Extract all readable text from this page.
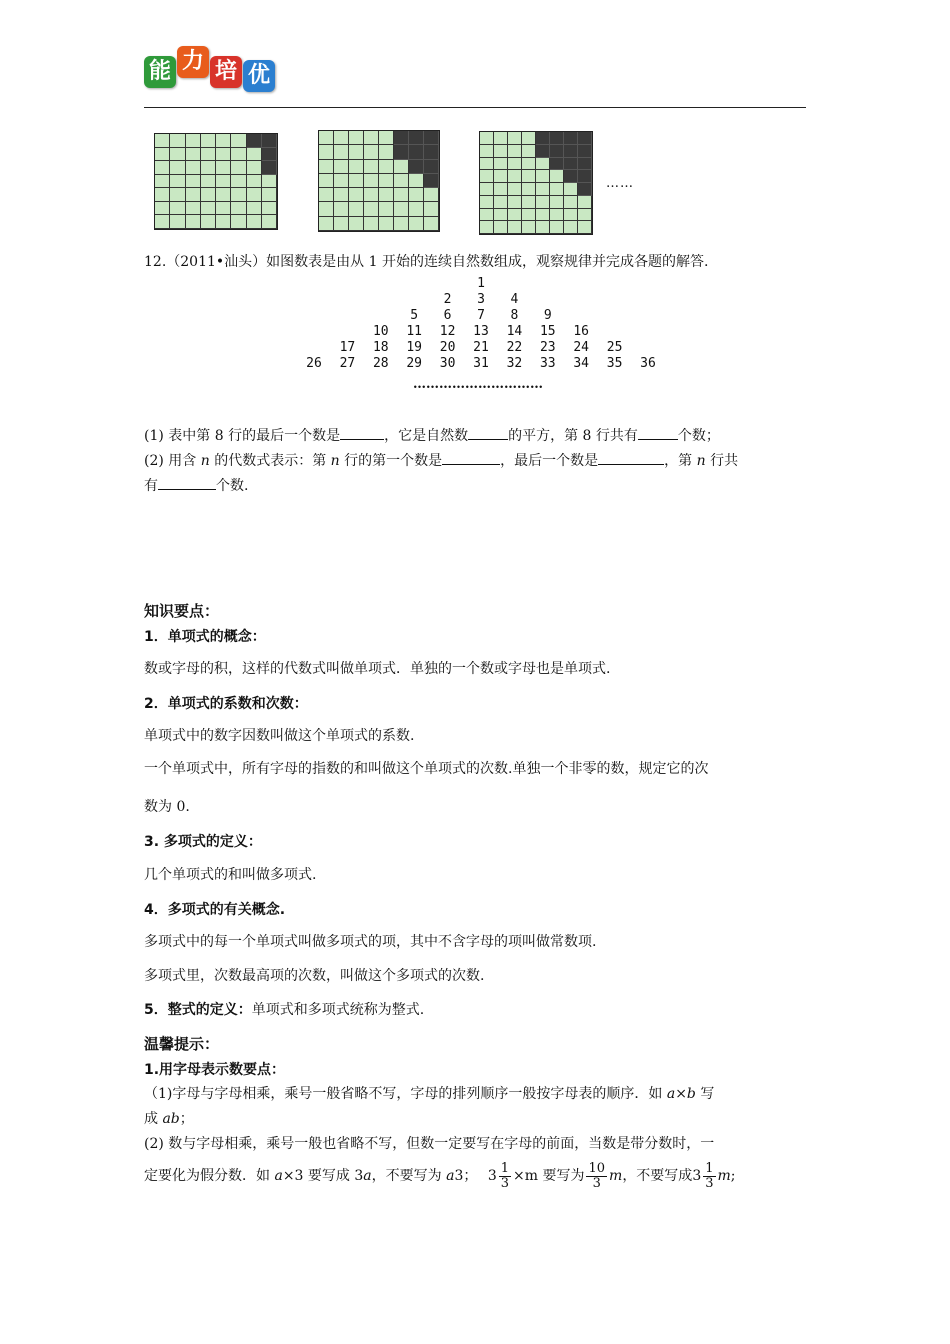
能 力 培 优
……
12.（2011•汕头）如图数表是由从 1 开始的连续自然数组成，观察规律并完成各题的解答.
1
2	3	4
5	6	7	8	9
10	11	12	13	14	15	16
17	18	19	20	21	22	23	24	25
26	27	28	29	30	31	32	33	34	35	36
…………………………
(1) 表中第 8 行的最后一个数是	，它是自然数	的平方，第 8 行共有	个数；
(2) 用含 n 的代数式表示：第 n 行的第一个数是	，最后一个数是	，第 n 行共
有	个数.
知识要点：
1．单项式的概念：
数或字母的积，这样的代数式叫做单项式．单独的一个数或字母也是单项式.
2．单项式的系数和次数：
单项式中的数字因数叫做这个单项式的系数.
一个单项式中，所有字母的指数的和叫做这个单项式的次数.单独一个非零的数，规定它的次
数为 0.
3. 多项式的定义：
几个单项式的和叫做多项式.
4．多项式的有关概念.
多项式中的每一个单项式叫做多项式的项，其中不含字母的项叫做常数项.
多项式里，次数最高项的次数，叫做这个多项式的次数.
5．整式的定义：单项式和多项式统称为整式.
温馨提示：
1.用字母表示数要点：
（1)字母与字母相乘，乘号一般省略不写，字母的排列顺序一般按字母表的顺序．如 a×b 写
成 ab；
(2) 数与字母相乘，乘号一般也省略不写，但数一定要写在字母的前面，当数是带分数时，一
定要化为假分数．如 a×3 要写成 3a，不要写为 a3； $3 \frac{1}{3} \times m$ 要写为 $\frac{10}{3}$ m，不要写成$3 \frac{1}{3} m$;
